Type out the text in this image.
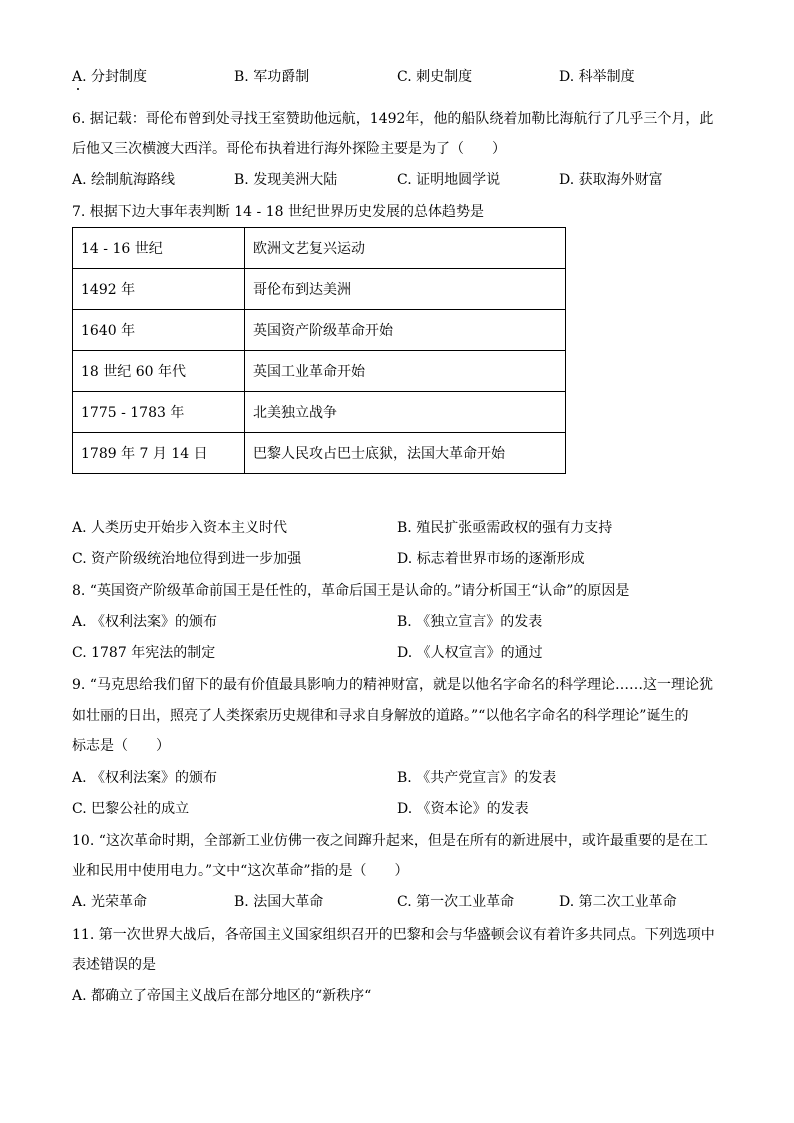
A. 分封制度	B. 军功爵制	C. 刺史制度	D. 科举制度
6. 据记载：哥伦布曾到处寻找王室赞助他远航，1492年，他的船队绕着加勒比海航行了几乎三个月，此
后他又三次横渡大西洋。哥伦布执着进行海外探险主要是为了（　　）
A. 绘制航海路线	B. 发现美洲大陆	C. 证明地圆学说	D. 获取海外财富
7. 根据下边大事年表判断 14 - 18 世纪世界历史发展的总体趋势是
14 - 16 世纪	欧洲文艺复兴运动
1492 年	哥伦布到达美洲
1640 年	英国资产阶级革命开始
18 世纪 60 年代	英国工业革命开始
1775 - 1783 年	北美独立战争
1789 年 7 月 14 日	巴黎人民攻占巴士底狱，法国大革命开始
A. 人类历史开始步入资本主义时代	B. 殖民扩张亟需政权的强有力支持
C. 资产阶级统治地位得到进一步加强	D. 标志着世界市场的逐渐形成
8. “英国资产阶级革命前国王是任性的，革命后国王是认命的。”请分析国王“认命”的原因是
A. 《权利法案》的颁布	B. 《独立宣言》的发表
C. 1787 年宪法的制定	D. 《人权宣言》的通过
9. “马克思给我们留下的最有价值最具影响力的精神财富，就是以他名字命名的科学理论……这一理论犹
如壮丽的日出，照亮了人类探索历史规律和寻求自身解放的道路。”“以他名字命名的科学理论”诞生的
标志是（　　）
A. 《权利法案》的颁布	B. 《共产党宣言》的发表
C. 巴黎公社的成立	D. 《资本论》的发表
10. “这次革命时期，全部新工业仿佛一夜之间蹿升起来，但是在所有的新进展中，或许最重要的是在工
业和民用中使用电力。”文中“这次革命”指的是（　　）
A. 光荣革命	B. 法国大革命	C. 第一次工业革命	D. 第二次工业革命
11. 第一次世界大战后，各帝国主义国家组织召开的巴黎和会与华盛顿会议有着许多共同点。下列选项中
表述错误的是
A. 都确立了帝国主义战后在部分地区的“新秩序“
